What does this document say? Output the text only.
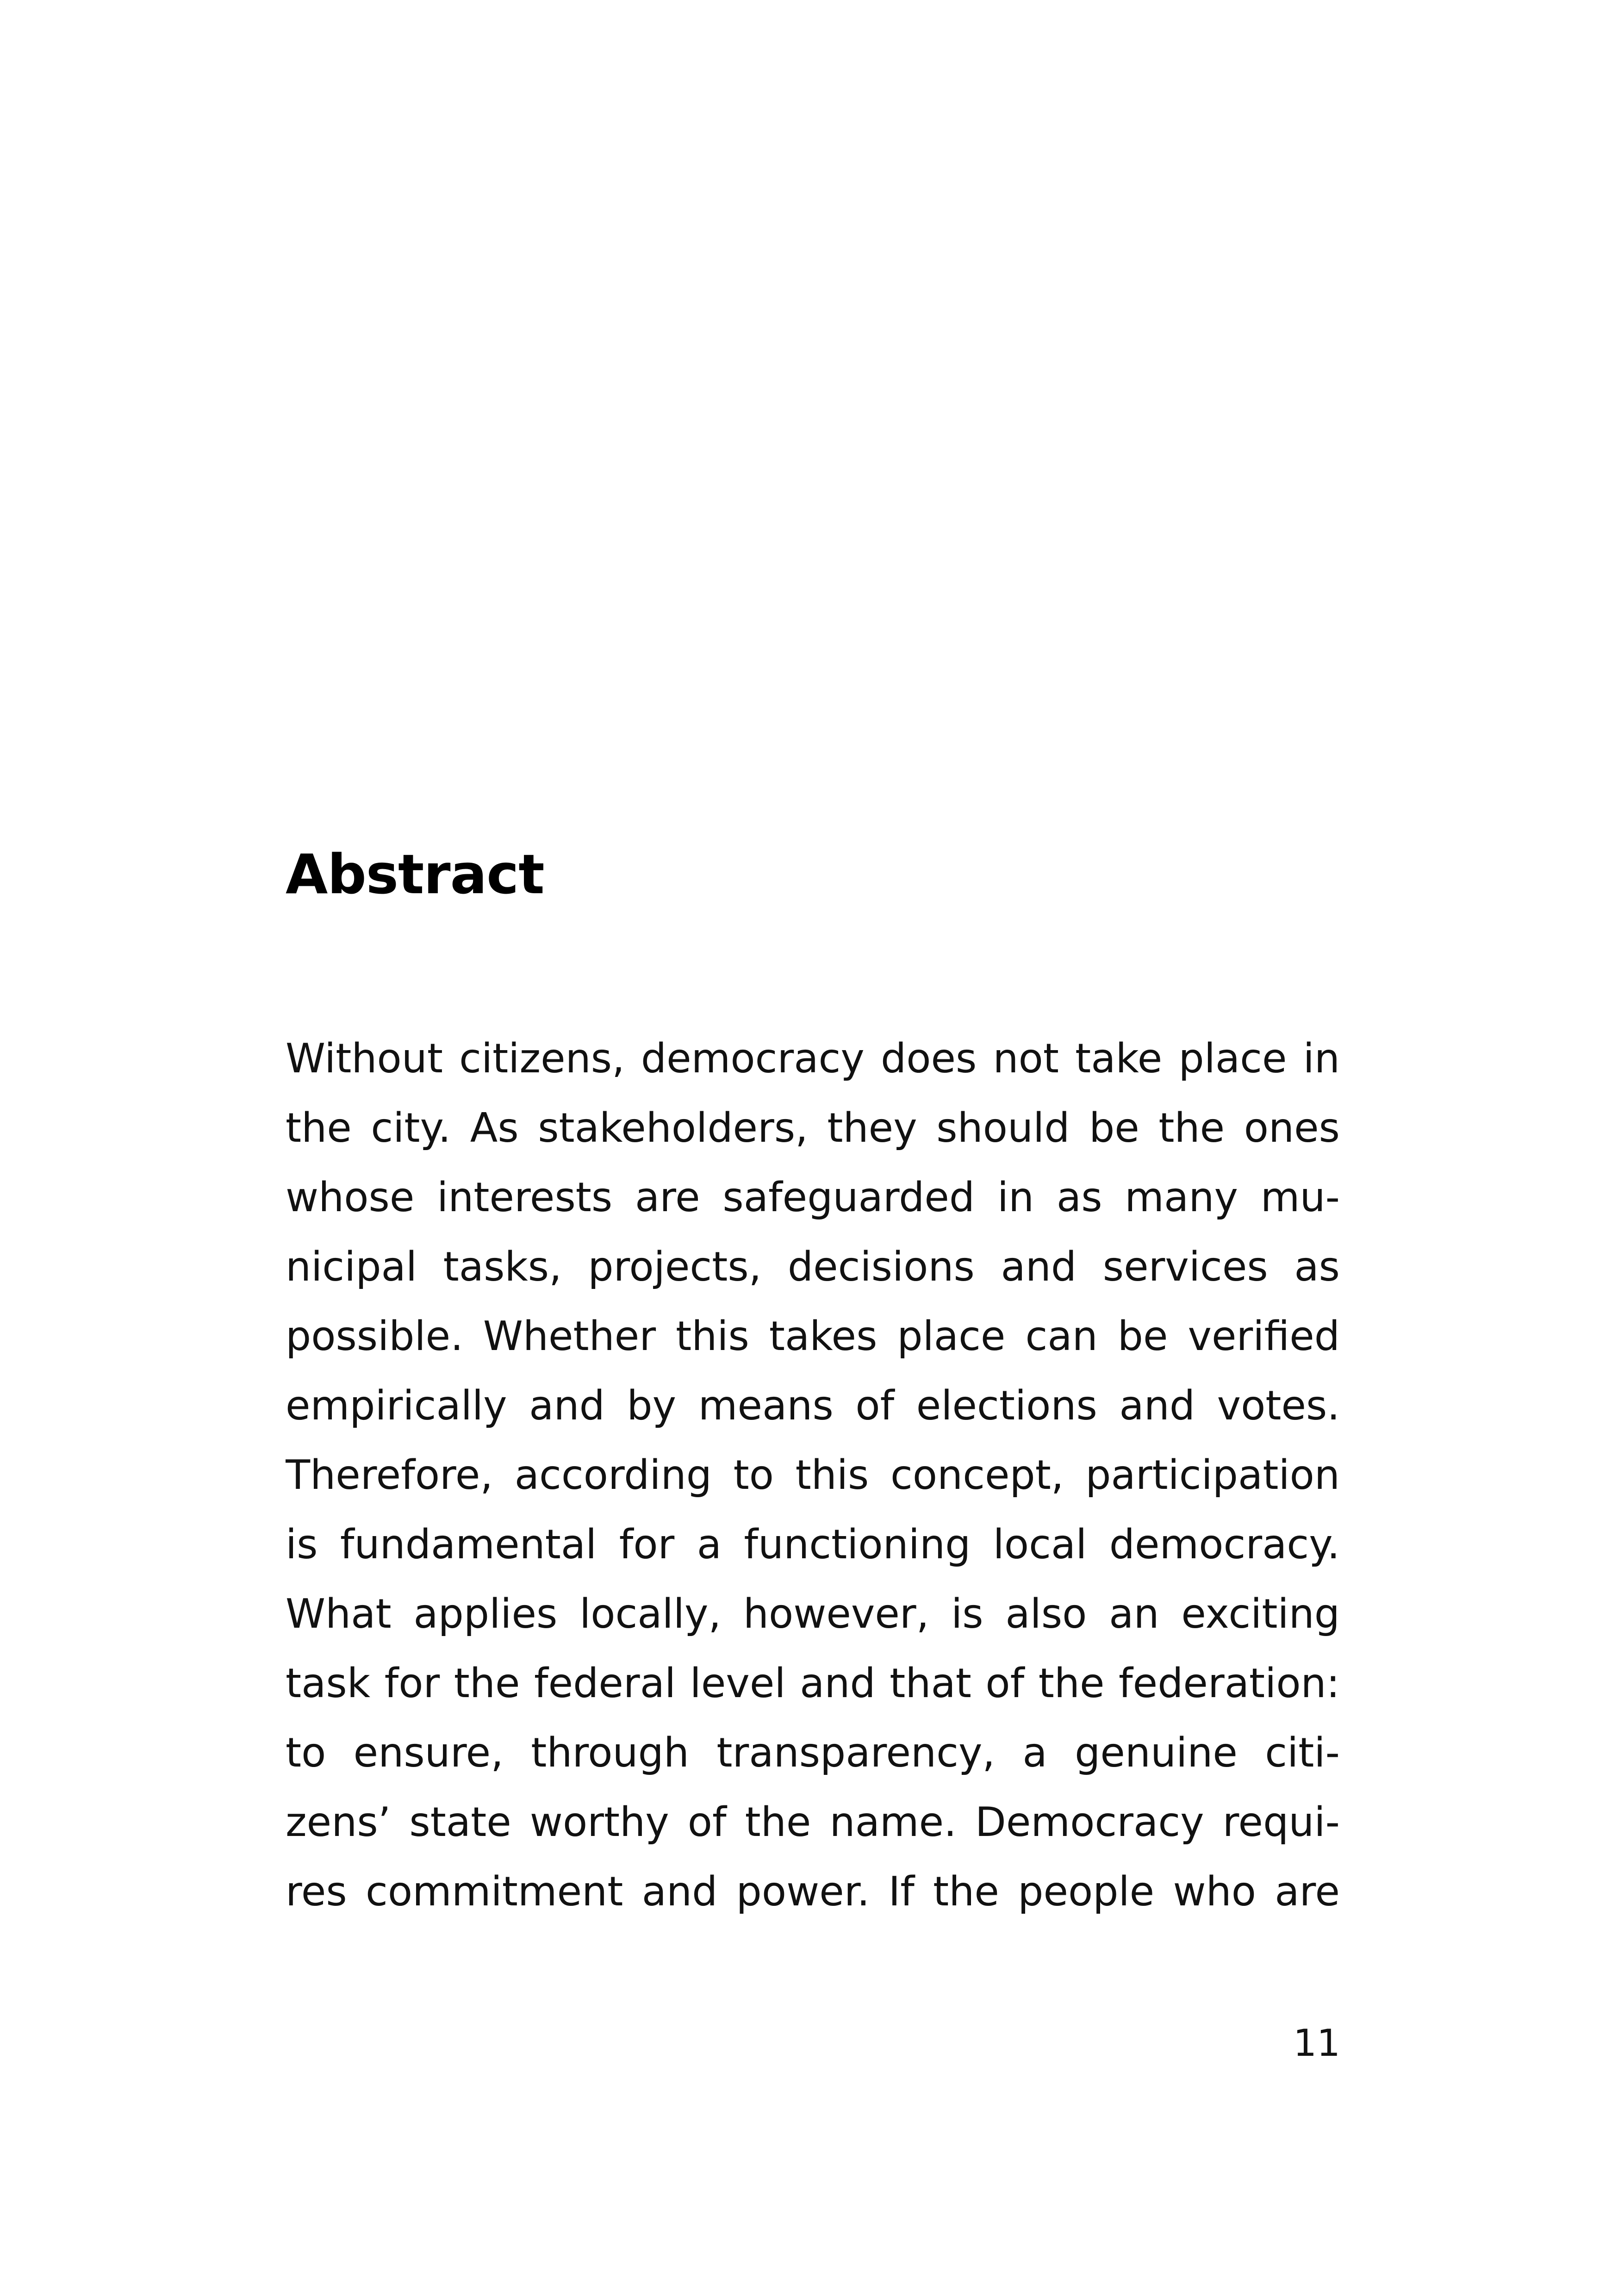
Abstract
Without citizens, democracy does not take place in
the city. As stakeholders, they should be the ones
whose interests are safeguarded in as many mu-
nicipal tasks, projects, decisions and services as
possible. Whether this takes place can be verified
empirically and by means of elections and votes.
Therefore, according to this concept, participation
is fundamental for a functioning local democracy.
What applies locally, however, is also an exciting
task for the federal level and that of the federation:
to ensure, through transparency, a genuine citi-
zens’ state worthy of the name. Democracy requi-
res commitment and power. If the people who are
11
